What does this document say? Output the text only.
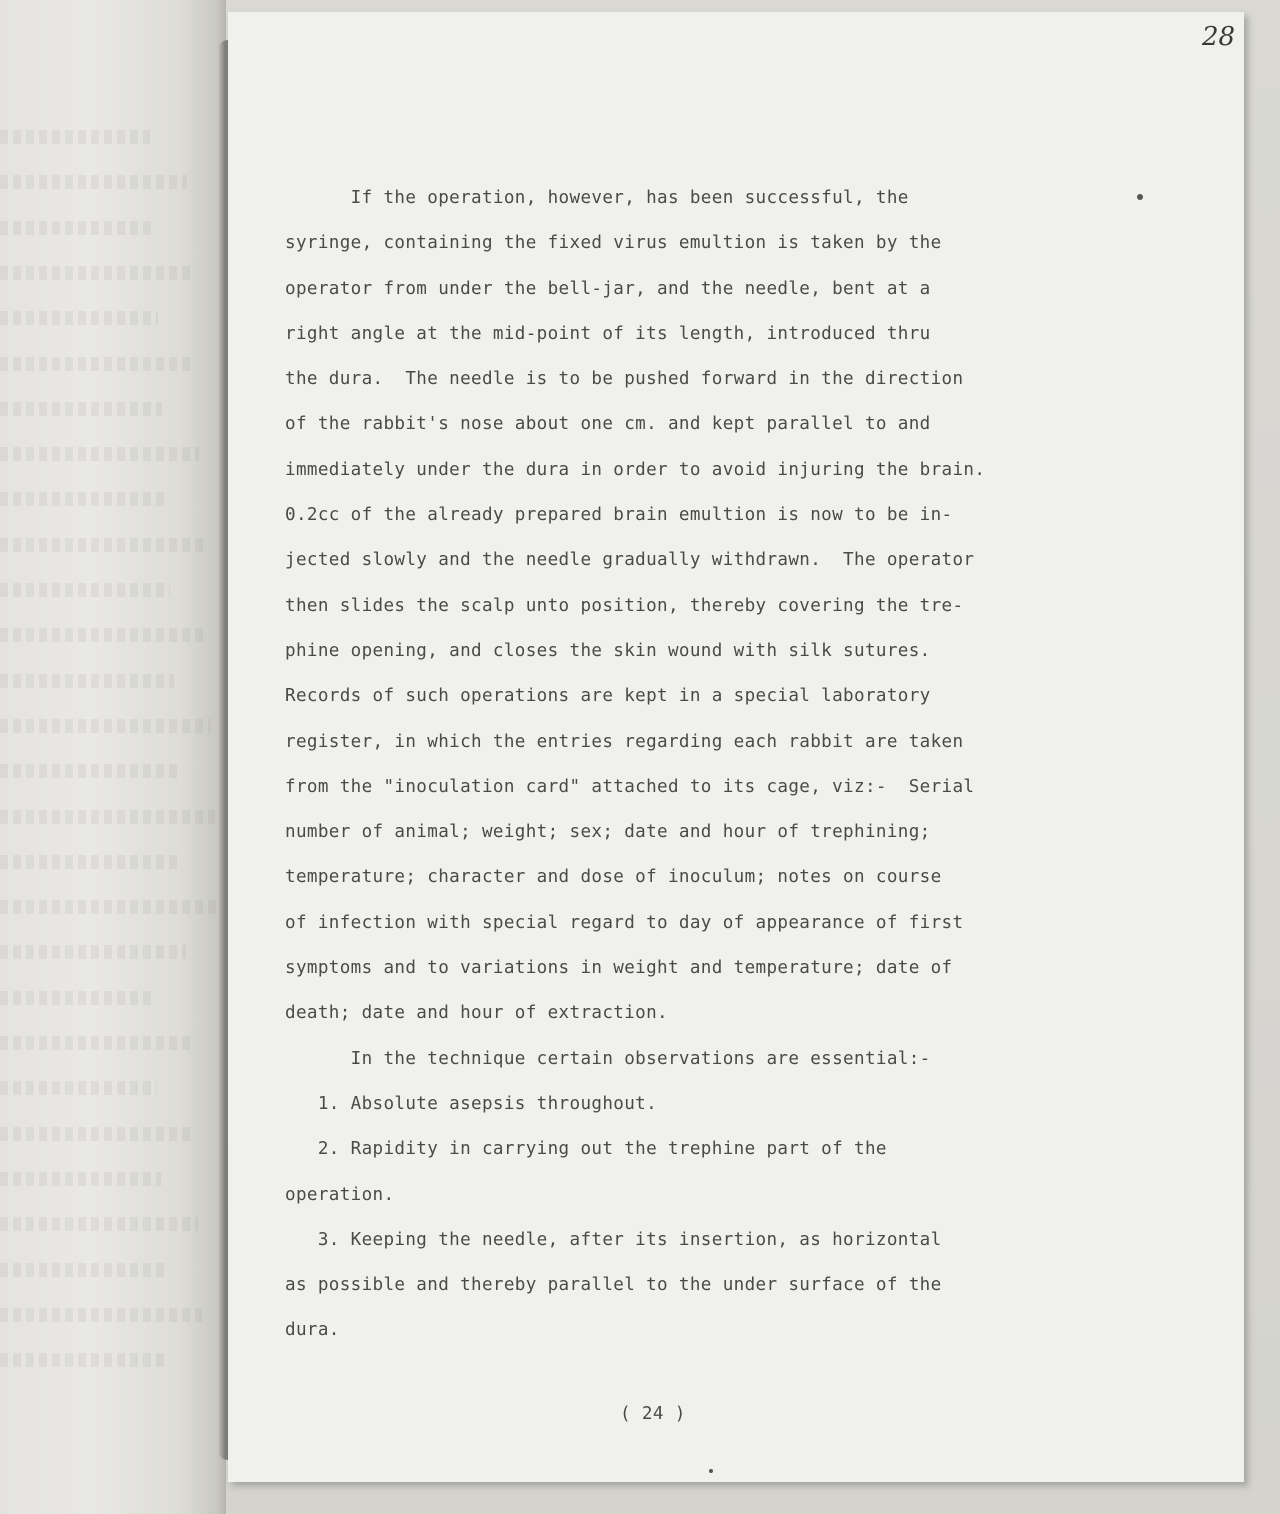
28
If the operation, however, has been successful, the
syringe, containing the fixed virus emultion is taken by the
operator from under the bell-jar, and the needle, bent at a
right angle at the mid-point of its length, introduced thru
the dura.  The needle is to be pushed forward in the direction
of the rabbit's nose about one cm. and kept parallel to and
immediately under the dura in order to avoid injuring the brain.
0.2cc of the already prepared brain emultion is now to be in-
jected slowly and the needle gradually withdrawn.  The operator
then slides the scalp unto position, thereby covering the tre-
phine opening, and closes the skin wound with silk sutures.
Records of such operations are kept in a special laboratory
register, in which the entries regarding each rabbit are taken
from the "inoculation card" attached to its cage, viz:-  Serial
number of animal; weight; sex; date and hour of trephining;
temperature; character and dose of inoculum; notes on course
of infection with special regard to day of appearance of first
symptoms and to variations in weight and temperature; date of
death; date and hour of extraction.
In the technique certain observations are essential:-
1. Absolute asepsis throughout.
2. Rapidity in carrying out the trephine part of the
operation.
3. Keeping the needle, after its insertion, as horizontal
as possible and thereby parallel to the under surface of the
dura.
( 24 )
